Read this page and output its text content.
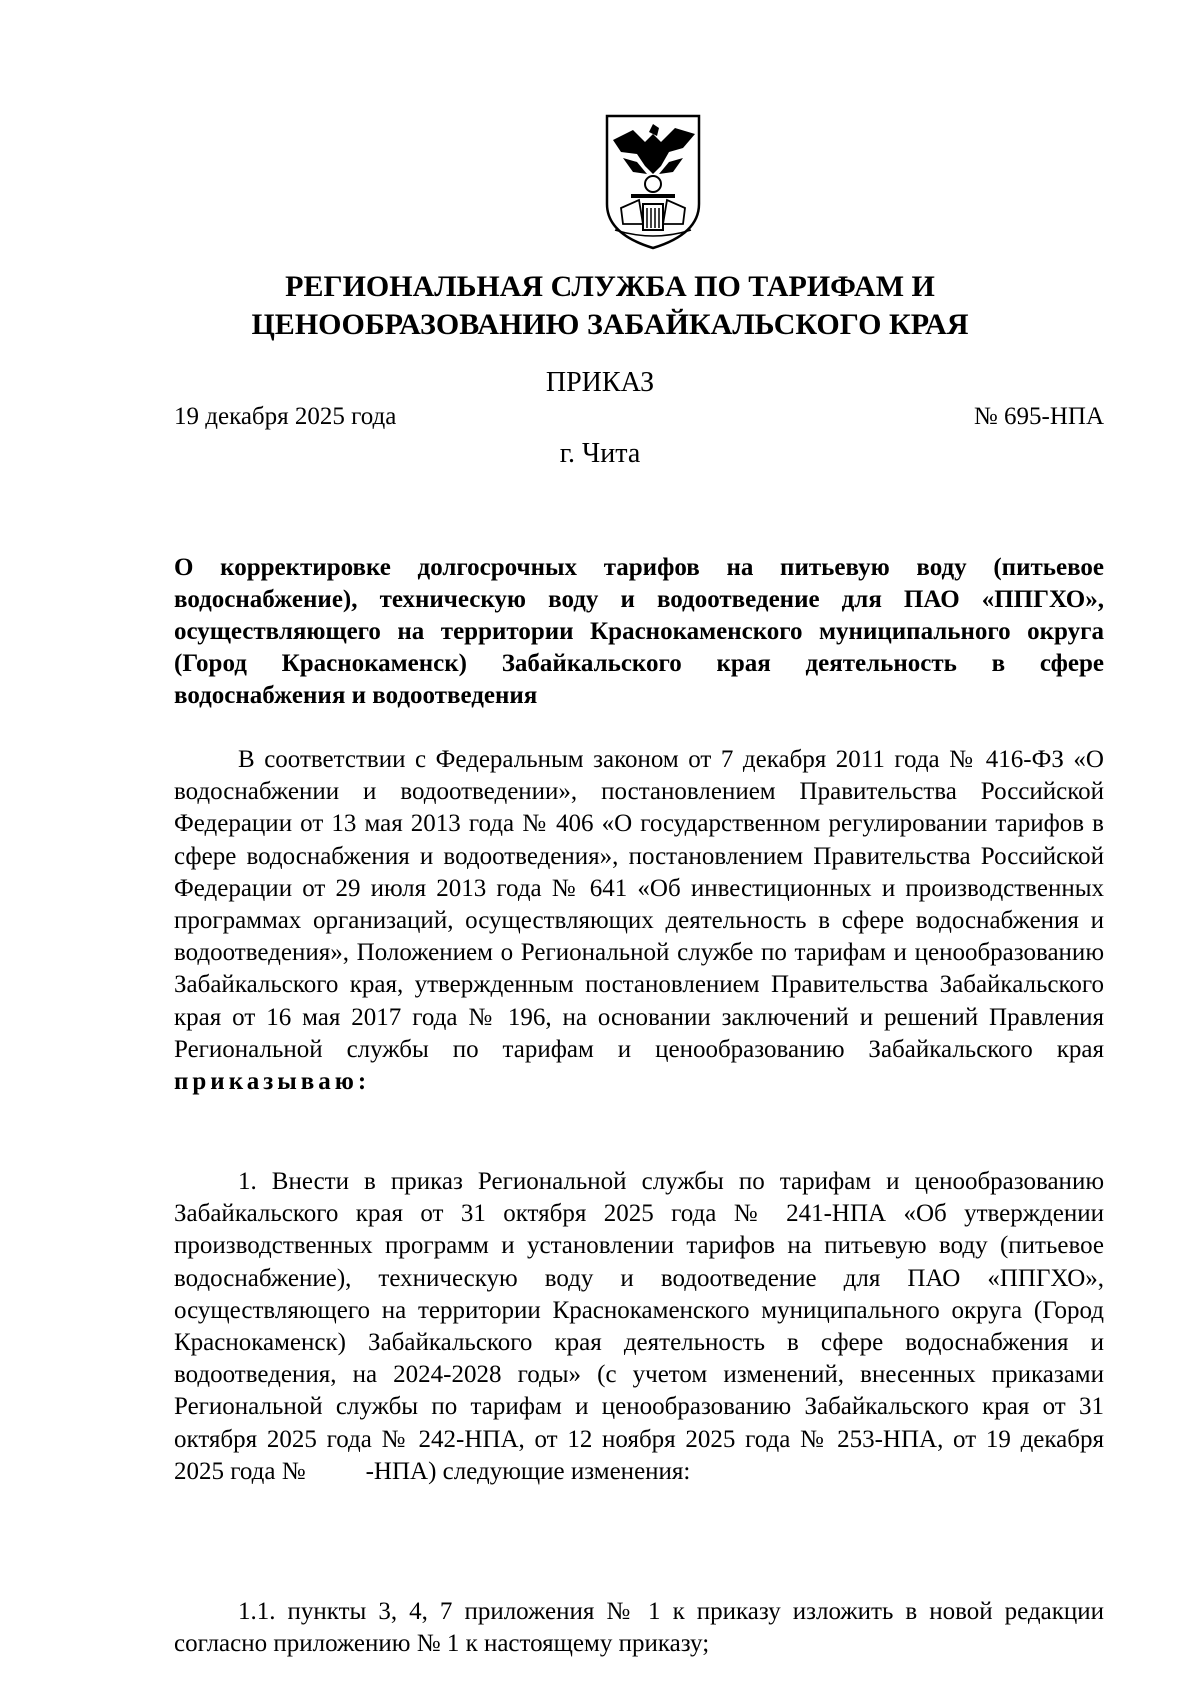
РЕГИОНАЛЬНАЯ СЛУЖБА ПО ТАРИФАМ И
ЦЕНООБРАЗОВАНИЮ ЗАБАЙКАЛЬСКОГО КРАЯ
ПРИКАЗ
19 декабря 2025 года	№ 695-НПА
г. Чита
О корректировке долгосрочных тарифов на питьевую воду (питьевое водоснабжение), техническую воду и водоотведение для ПАО «ППГХО», осуществляющего на территории Краснокаменского муниципального округа (Город Краснокаменск) Забайкальского края деятельность в сфере водоснабжения и водоотведения

В соответствии с Федеральным законом от 7 декабря 2011 года № 416-ФЗ «О водоснабжении и водоотведении», постановлением Правительства Российской Федерации от 13 мая 2013 года № 406 «О государственном регулировании тарифов в сфере водоснабжения и водоотведения», постановлением Правительства Российской Федерации от 29 июля 2013 года № 641 «Об инвестиционных и производственных программах организаций, осуществляющих деятельность в сфере водоснабжения и водоотведения», Положением о Региональной службе по тарифам и ценообразованию Забайкальского края, утвержденным постановлением Правительства Забайкальского края от 16 мая 2017 года № 196, на основании заключений и решений Правления Региональной службы по тарифам и ценообразованию Забайкальского края приказываю:

1. Внести в приказ Региональной службы по тарифам и ценообразованию Забайкальского края от 31 октября 2025 года № 241-НПА «Об утверждении производственных программ и установлении тарифов на питьевую воду (питьевое водоснабжение), техническую воду и водоотведение для ПАО «ППГХО», осуществляющего на территории Краснокаменского муниципального округа (Город Краснокаменск) Забайкальского края деятельность в сфере водоснабжения и водоотведения, на 2024-2028 годы» (с учетом изменений, внесенных приказами Региональной службы по тарифам и ценообразованию Забайкальского края от 31 октября 2025 года № 242-НПА, от 12 ноября 2025 года № 253-НПА, от 19 декабря 2025 года № -НПА) следующие изменения:

1.1. пункты 3, 4, 7 приложения № 1 к приказу изложить в новой редакции согласно приложению № 1 к настоящему приказу;
